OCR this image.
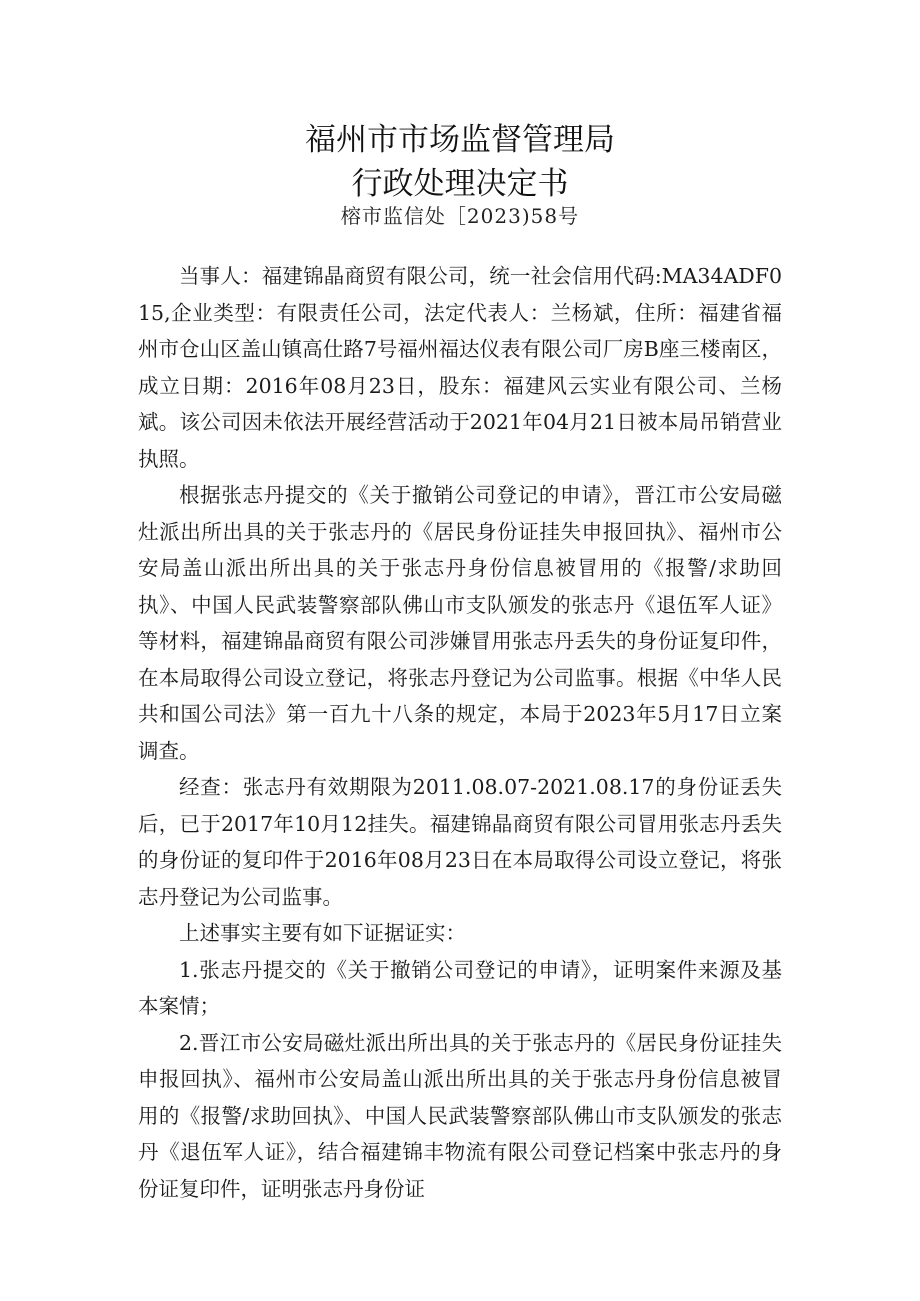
福州市市场监督管理局
行政处理决定书
榕市监信处［2023)58号

当事人：福建锦晶商贸有限公司，统一社会信用代码:MA34ADF015,企业类型：有限责任公司，法定代表人：兰杨斌，住所：福建省福州市仓山区盖山镇高仕路7号福州福达仪表有限公司厂房B座三楼南区，成立日期：2016年08月23日，股东：福建风云实业有限公司、兰杨斌。该公司因未依法开展经营活动于2021年04月21日被本局吊销营业执照。

根据张志丹提交的《关于撤销公司登记的申请》，晋江市公安局磁灶派出所出具的关于张志丹的《居民身份证挂失申报回执》、福州市公安局盖山派出所出具的关于张志丹身份信息被冒用的《报警/求助回执》、中国人民武装警察部队佛山市支队颁发的张志丹《退伍军人证》等材料，福建锦晶商贸有限公司涉嫌冒用张志丹丢失的身份证复印件，在本局取得公司设立登记，将张志丹登记为公司监事。根据《中华人民共和国公司法》第一百九十八条的规定，本局于2023年5月17日立案调查。

经查：张志丹有效期限为2011.08.07-2021.08.17的身份证丢失后，已于2017年10月12挂失。福建锦晶商贸有限公司冒用张志丹丢失的身份证的复印件于2016年08月23日在本局取得公司设立登记，将张志丹登记为公司监事。

上述事实主要有如下证据证实：

1.张志丹提交的《关于撤销公司登记的申请》，证明案件来源及基本案情；

2.晋江市公安局磁灶派出所出具的关于张志丹的《居民身份证挂失申报回执》、福州市公安局盖山派出所出具的关于张志丹身份信息被冒用的《报警/求助回执》、中国人民武装警察部队佛山市支队颁发的张志丹《退伍军人证》，结合福建锦丰物流有限公司登记档案中张志丹的身份证复印件，证明张志丹身份证
